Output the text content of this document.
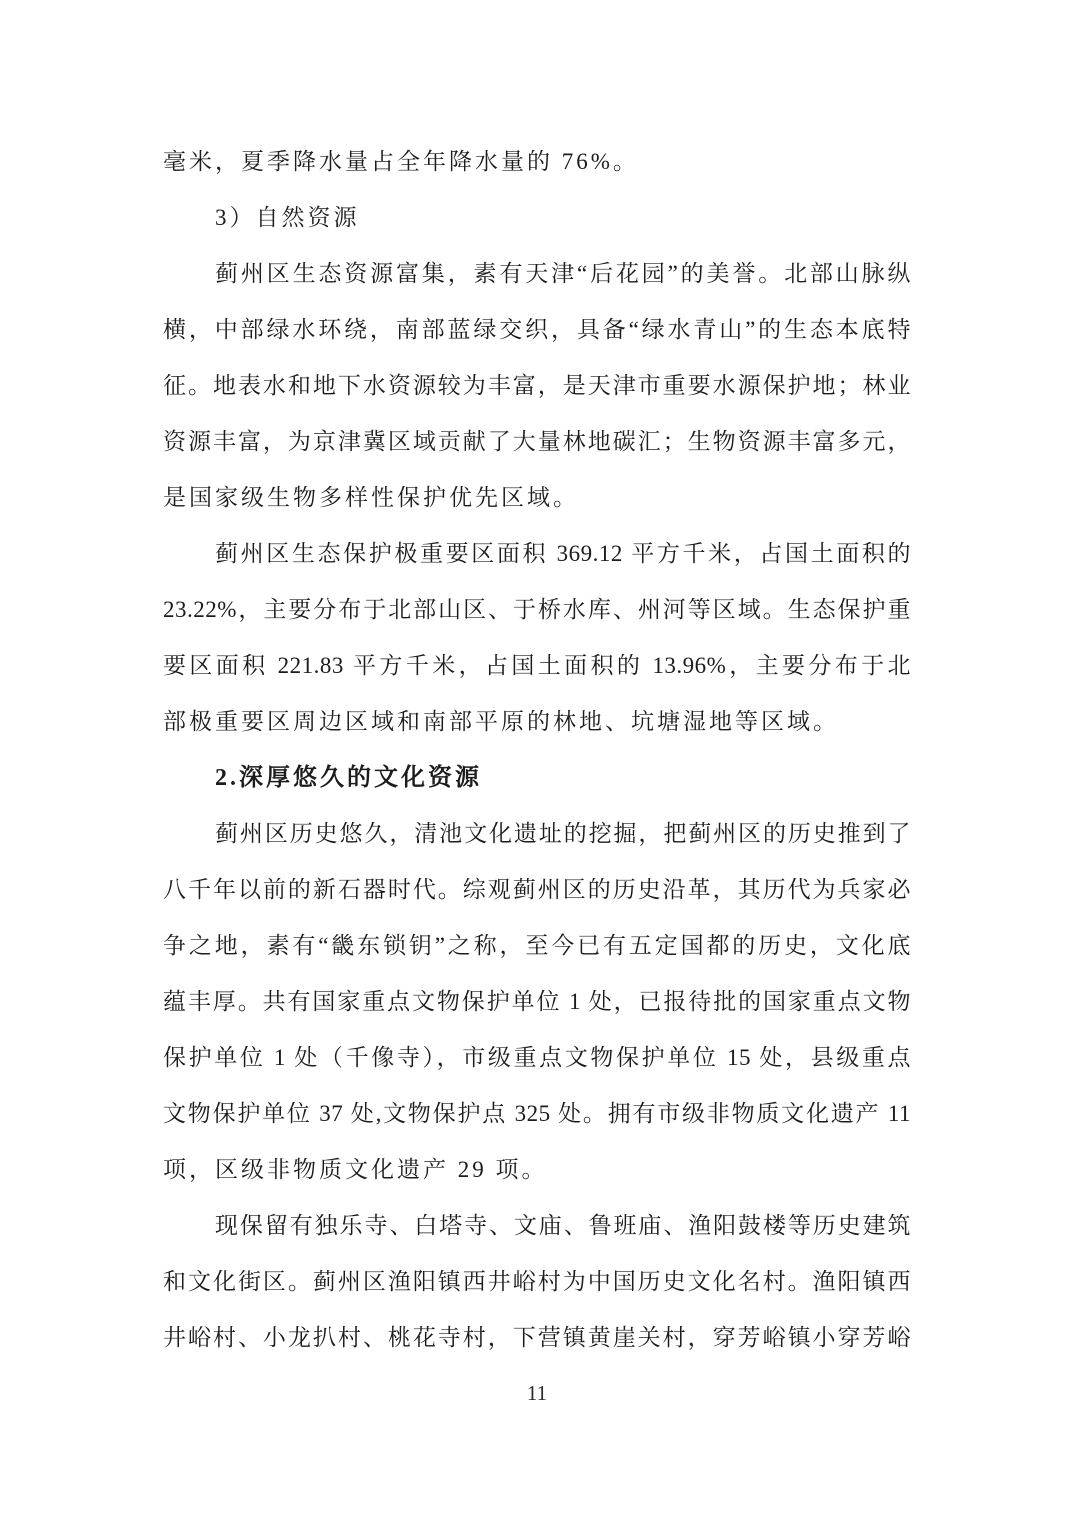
毫米，夏季降水量占全年降水量的 76%。
3）自然资源
蓟州区生态资源富集，素有天津“后花园”的美誉。北部山脉纵
横，中部绿水环绕，南部蓝绿交织，具备“绿水青山”的生态本底特
征。地表水和地下水资源较为丰富，是天津市重要水源保护地；林业
资源丰富，为京津冀区域贡献了大量林地碳汇；生物资源丰富多元，
是国家级生物多样性保护优先区域。
蓟州区生态保护极重要区面积 369.12 平方千米，占国土面积的
23.22%，主要分布于北部山区、于桥水库、州河等区域。生态保护重
要区面积 221.83 平方千米，占国土面积的 13.96%，主要分布于北
部极重要区周边区域和南部平原的林地、坑塘湿地等区域。
2.深厚悠久的文化资源
蓟州区历史悠久，清池文化遗址的挖掘，把蓟州区的历史推到了
八千年以前的新石器时代。综观蓟州区的历史沿革，其历代为兵家必
争之地，素有“畿东锁钥”之称，至今已有五定国都的历史，文化底
蕴丰厚。共有国家重点文物保护单位 1 处，已报待批的国家重点文物
保护单位 1 处（千像寺），市级重点文物保护单位 15 处，县级重点
文物保护单位 37 处,文物保护点 325 处。拥有市级非物质文化遗产 11
项，区级非物质文化遗产 29 项。
现保留有独乐寺、白塔寺、文庙、鲁班庙、渔阳鼓楼等历史建筑
和文化街区。蓟州区渔阳镇西井峪村为中国历史文化名村。渔阳镇西
井峪村、小龙扒村、桃花寺村，下营镇黄崖关村，穿芳峪镇小穿芳峪
11
